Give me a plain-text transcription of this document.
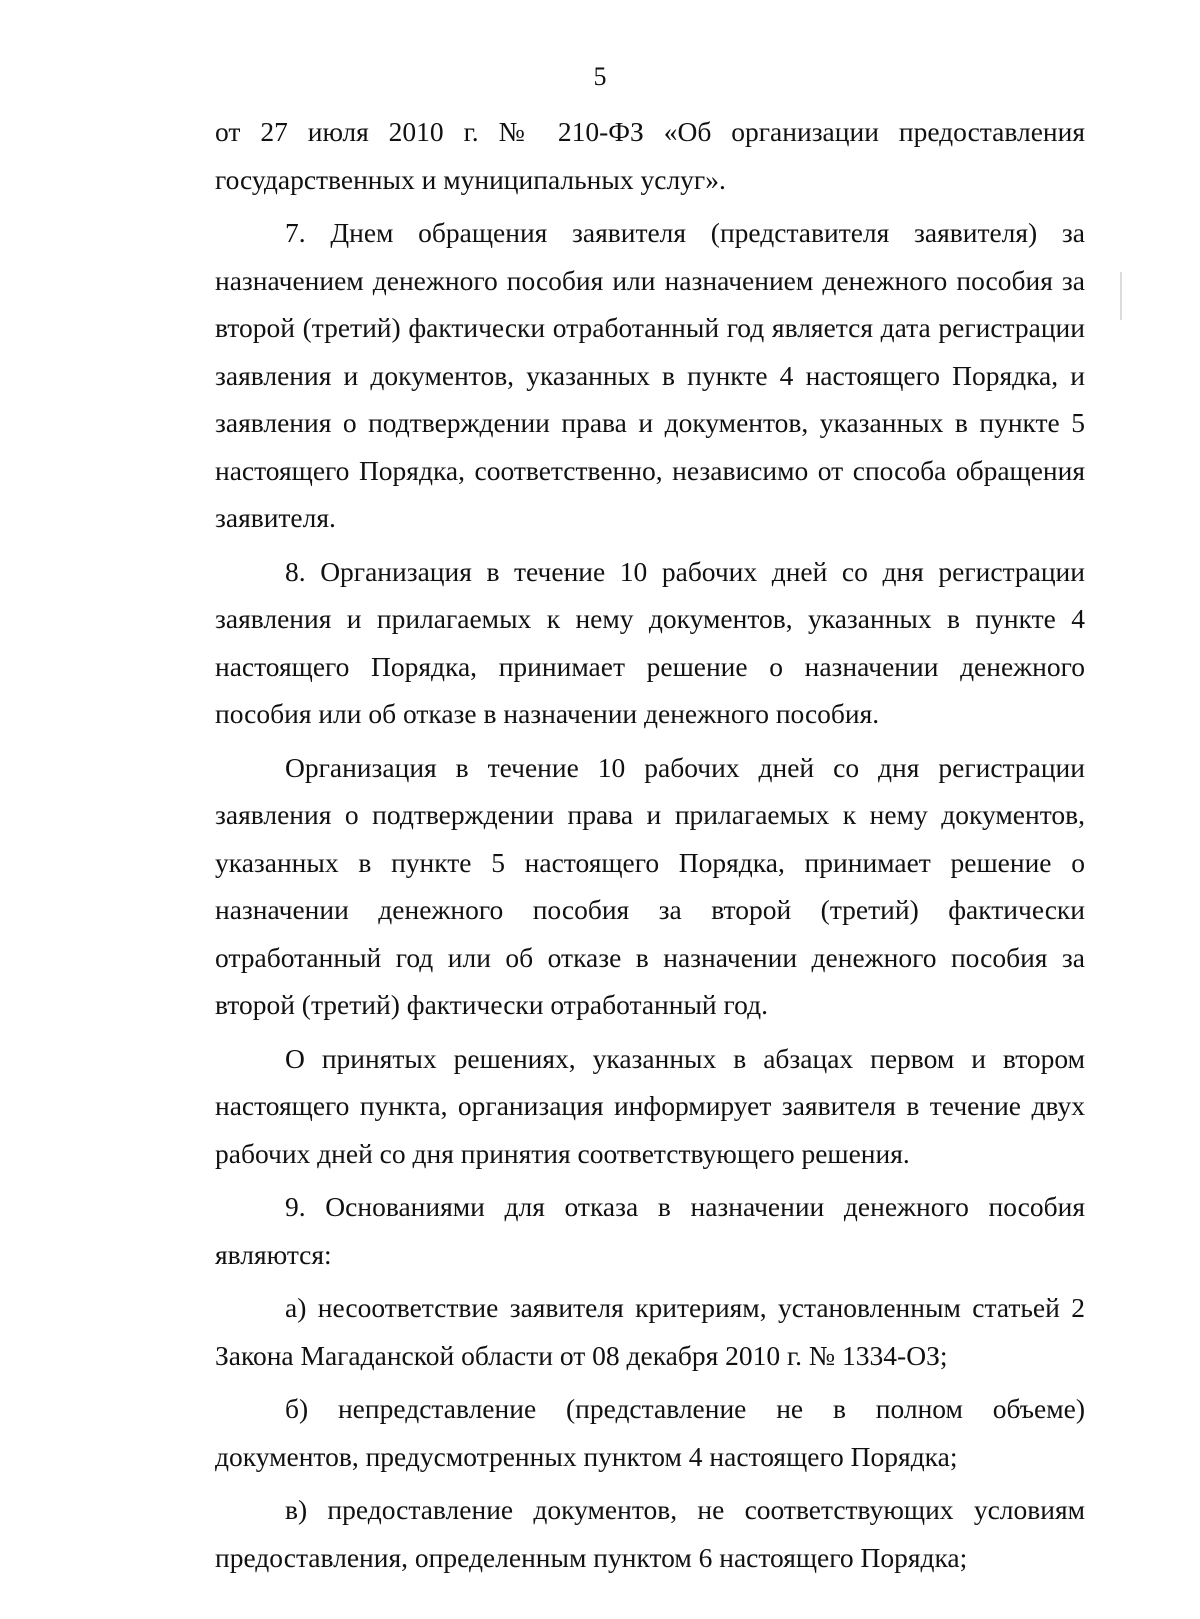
5

от 27 июля 2010 г. № 210-ФЗ «Об организации предоставления государственных и муниципальных услуг».

7. Днем обращения заявителя (представителя заявителя) за назначением денежного пособия или назначением денежного пособия за второй (третий) фактически отработанный год является дата регистрации заявления и документов, указанных в пункте 4 настоящего Порядка, и заявления о подтверждении права и документов, указанных в пункте 5 настоящего Порядка, соответственно, независимо от способа обращения заявителя.

8. Организация в течение 10 рабочих дней со дня регистрации заявления и прилагаемых к нему документов, указанных в пункте 4 настоящего Порядка, принимает решение о назначении денежного пособия или об отказе в назначении денежного пособия.

Организация в течение 10 рабочих дней со дня регистрации заявления о подтверждении права и прилагаемых к нему документов, указанных в пункте 5 настоящего Порядка, принимает решение о назначении денежного пособия за второй (третий) фактически отработанный год или об отказе в назначении денежного пособия за второй (третий) фактически отработанный год.

О принятых решениях, указанных в абзацах первом и втором настоящего пункта, организация информирует заявителя в течение двух рабочих дней со дня принятия соответствующего решения.

9. Основаниями для отказа в назначении денежного пособия являются:

а) несоответствие заявителя критериям, установленным статьей 2 Закона Магаданской области от 08 декабря 2010 г. № 1334-ОЗ;

б) непредставление (представление не в полном объеме) документов, предусмотренных пунктом 4 настоящего Порядка;

в) предоставление документов, не соответствующих условиям предоставления, определенным пунктом 6 настоящего Порядка;
